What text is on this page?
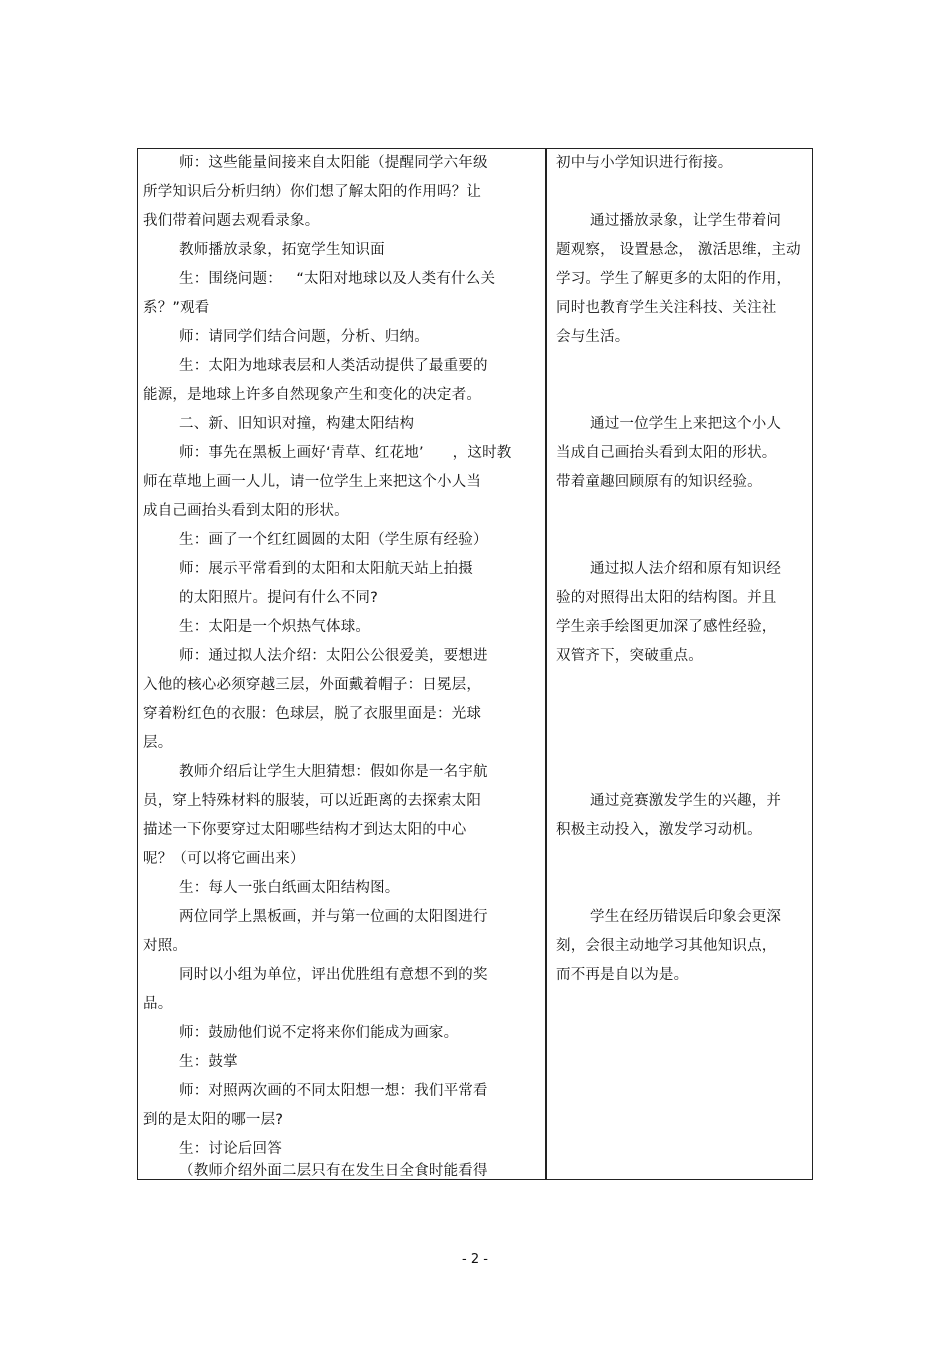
师：这些能量间接来自太阳能（提醒同学六年级
所学知识后分析归纳）你们想了解太阳的作用吗？让
我们带着问题去观看录象。
教师播放录象，拓宽学生知识面
生：围绕问题：   “太阳对地球以及人类有什么关
系？”观看
师：请同学们结合问题，分析、归纳。
生：太阳为地球表层和人类活动提供了最重要的
能源，是地球上许多自然现象产生和变化的决定者。
二、新、旧知识对撞，构建太阳结构
师：事先在黑板上画好‘青草、红花地’      ，这时教
师在草地上画一人儿，请一位学生上来把这个小人当
成自己画抬头看到太阳的形状。
生：画了一个红红圆圆的太阳（学生原有经验）
师：展示平常看到的太阳和太阳航天站上拍摄
的太阳照片。提问有什么不同?
生：太阳是一个炽热气体球。
师：通过拟人法介绍：太阳公公很爱美，要想进
入他的核心必须穿越三层，外面戴着帽子：日冕层，
穿着粉红色的衣服：色球层，脱了衣服里面是：光球
层。
教师介绍后让学生大胆猜想：假如你是一名宇航
员，穿上特殊材料的服装，可以近距离的去探索太阳
描述一下你要穿过太阳哪些结构才到达太阳的中心
呢？（可以将它画出来）
生：每人一张白纸画太阳结构图。
两位同学上黑板画，并与第一位画的太阳图进行
对照。
同时以小组为单位，评出优胜组有意想不到的奖
品。
师：鼓励他们说不定将来你们能成为画家。
生：鼓掌
师：对照两次画的不同太阳想一想：我们平常看
到的是太阳的哪一层?
生：讨论后回答
（教师介绍外面二层只有在发生日全食时能看得
初中与小学知识进行衔接。
通过播放录象，让学生带着问
题观察， 设置悬念， 激活思维，主动
学习。学生了解更多的太阳的作用，
同时也教育学生关注科技、关注社
会与生活。
通过一位学生上来把这个小人
当成自己画抬头看到太阳的形状。
带着童趣回顾原有的知识经验。
通过拟人法介绍和原有知识经
验的对照得出太阳的结构图。并且
学生亲手绘图更加深了感性经验，
双管齐下，突破重点。
通过竞赛激发学生的兴趣，并
积极主动投入，激发学习动机。
学生在经历错误后印象会更深
刻，会很主动地学习其他知识点，
而不再是自以为是。
- 2 -
